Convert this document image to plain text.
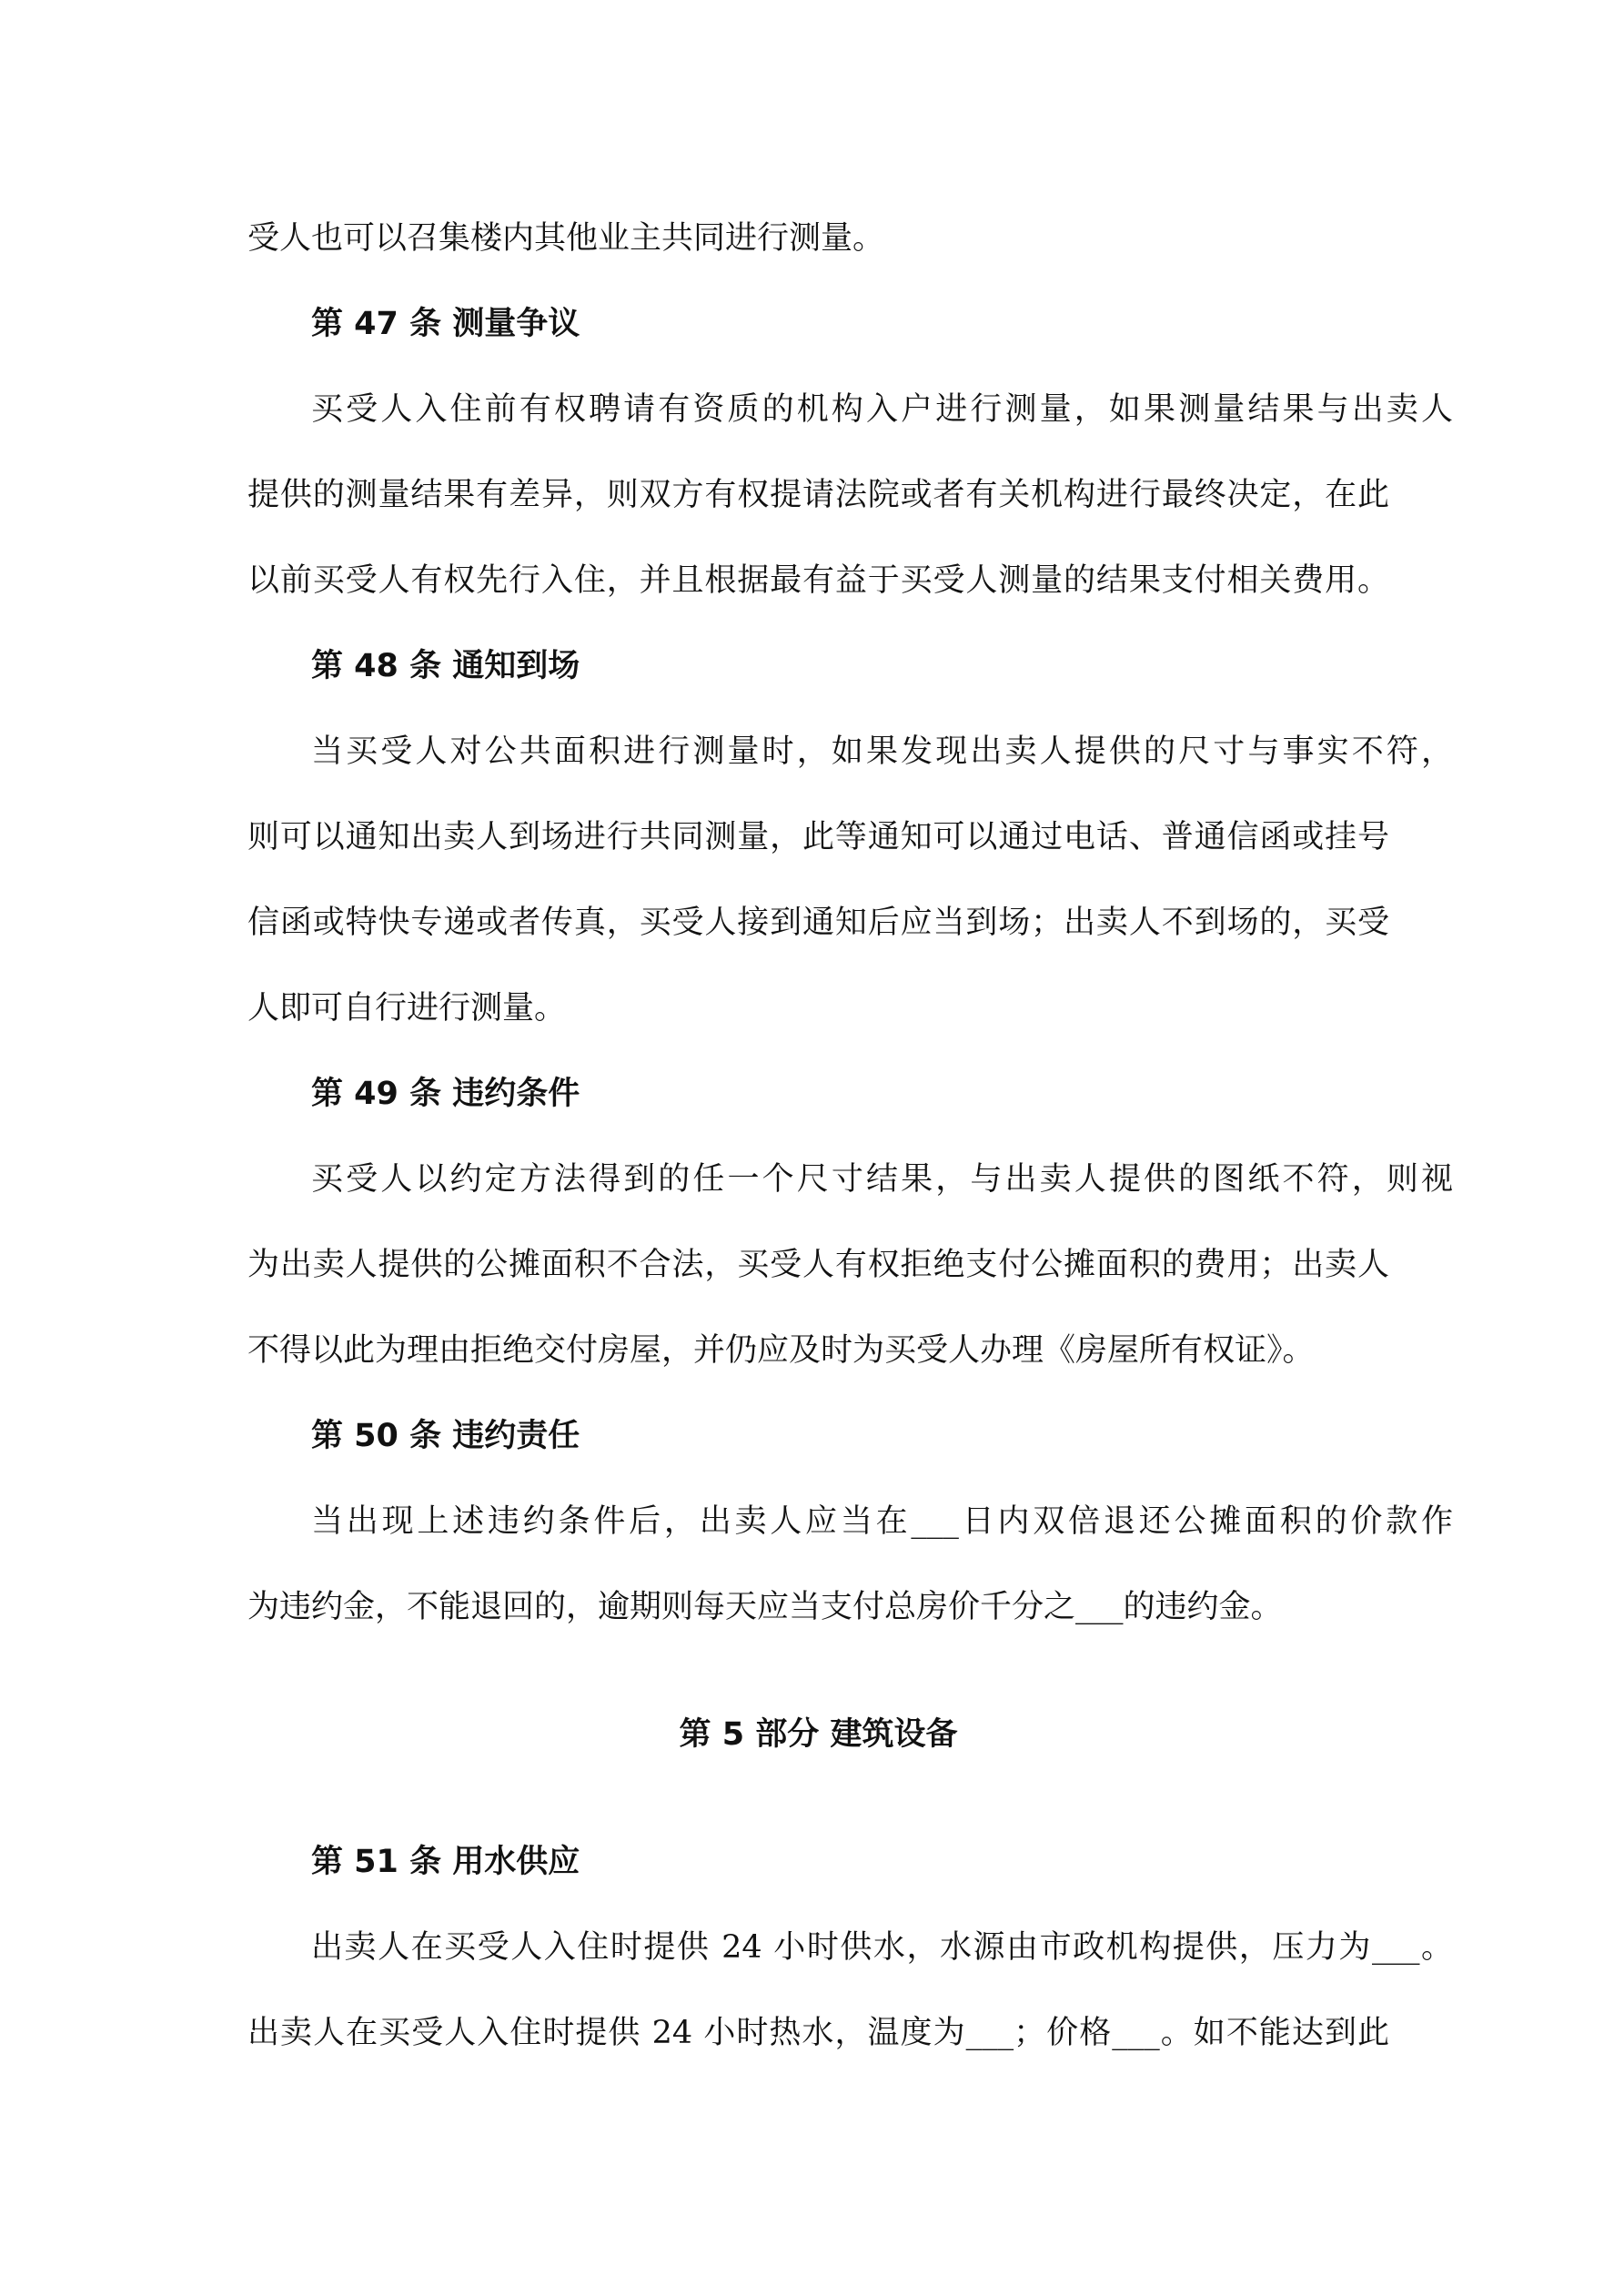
受人也可以召集楼内其他业主共同进行测量。
第 47 条 测量争议
买受人入住前有权聘请有资质的机构入户进行测量，如果测量结果与出卖人
提供的测量结果有差异，则双方有权提请法院或者有关机构进行最终决定，在此
以前买受人有权先行入住，并且根据最有益于买受人测量的结果支付相关费用。
第 48 条 通知到场
当买受人对公共面积进行测量时，如果发现出卖人提供的尺寸与事实不符，
则可以通知出卖人到场进行共同测量，此等通知可以通过电话、普通信函或挂号
信函或特快专递或者传真，买受人接到通知后应当到场；出卖人不到场的，买受
人即可自行进行测量。
第 49 条 违约条件
买受人以约定方法得到的任一个尺寸结果，与出卖人提供的图纸不符，则视
为出卖人提供的公摊面积不合法，买受人有权拒绝支付公摊面积的费用；出卖人
不得以此为理由拒绝交付房屋，并仍应及时为买受人办理《房屋所有权证》。
第 50 条 违约责任
当出现上述违约条件后，出卖人应当在___日内双倍退还公摊面积的价款作
为违约金，不能退回的，逾期则每天应当支付总房价千分之___的违约金。
第 5 部分 建筑设备
第 51 条 用水供应
出卖人在买受人入住时提供 24 小时供水，水源由市政机构提供，压力为___。
出卖人在买受人入住时提供 24 小时热水，温度为___；价格___。如不能达到此
